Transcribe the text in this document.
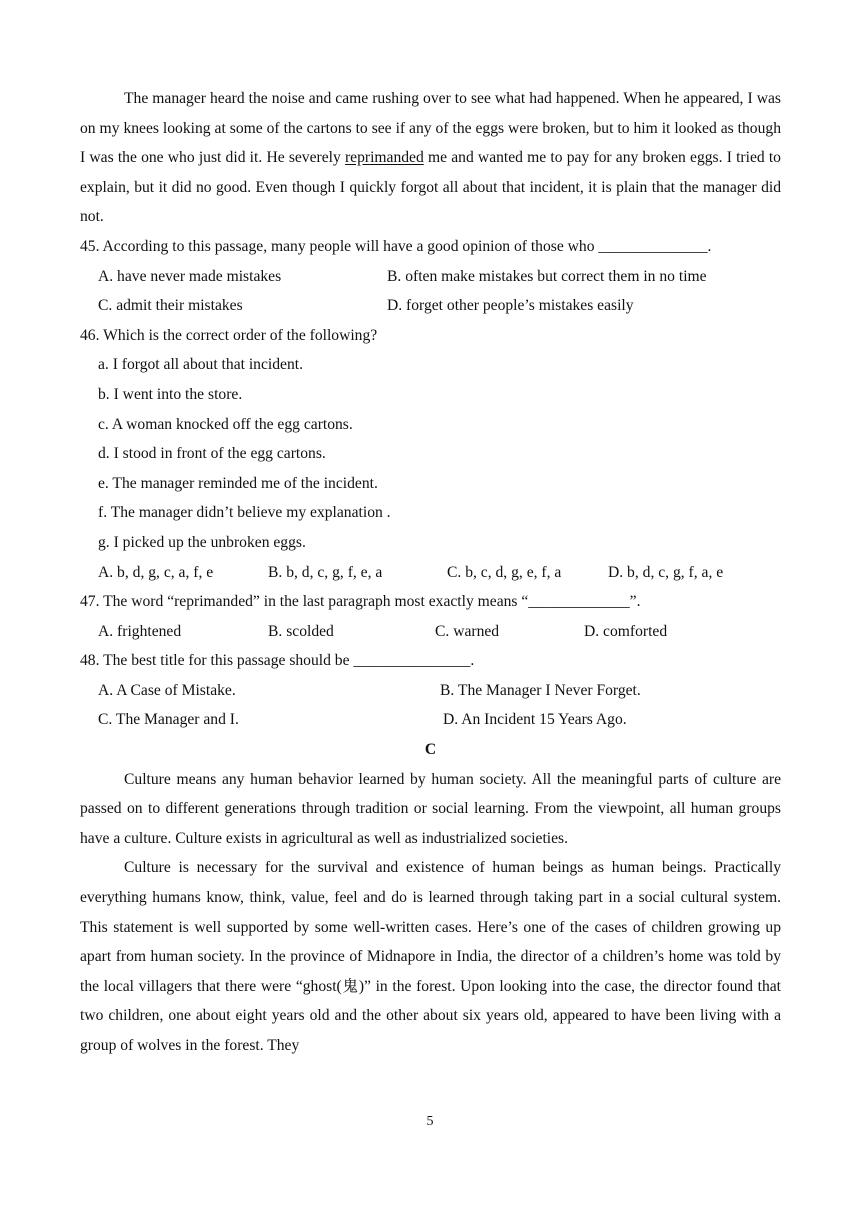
The manager heard the noise and came rushing over to see what had happened. When he appeared, I was on my knees looking at some of the cartons to see if any of the eggs were broken, but to him it looked as though I was the one who just did it. He severely reprimanded me and wanted me to pay for any broken eggs. I tried to explain, but it did no good. Even though I quickly forgot all about that incident, it is plain that the manager did not.

45. According to this passage, many people will have a good opinion of those who ______________.
A. have never made mistakes	B. often make mistakes but correct them in no time
C. admit their mistakes	D. forget other people’s mistakes easily
46. Which is the correct order of the following?
a. I forgot all about that incident.
b. I went into the store.
c. A woman knocked off the egg cartons.
d. I stood in front of the egg cartons.
e. The manager reminded me of the incident.
f. The manager didn’t believe my explanation .
g. I picked up the unbroken eggs.
A. b, d, g, c, a, f, e	B. b, d, c, g, f, e, a	C. b, c, d, g, e, f, a	D. b, d, c, g, f, a, e
47. The word “reprimanded” in the last paragraph most exactly means “_____________”.
A. frightened	B. scolded	C. warned	D. comforted
48. The best title for this passage should be _______________.
A. A Case of Mistake.	B. The Manager I Never Forget.
C. The Manager and I.	D. An Incident 15 Years Ago.
C

Culture means any human behavior learned by human society. All the meaningful parts of culture are passed on to different generations through tradition or social learning. From the viewpoint, all human groups have a culture. Culture exists in agricultural as well as industrialized societies.

Culture is necessary for the survival and existence of human beings as human beings. Practically everything humans know, think, value, feel and do is learned through taking part in a social cultural system. This statement is well supported by some well-written cases. Here’s one of the cases of children growing up apart from human society. In the province of Midnapore in India, the director of a children’s home was told by the local villagers that there were “ghost(鬼)” in the forest. Upon looking into the case, the director found that two children, one about eight years old and the other about six years old, appeared to have been living with a group of wolves in the forest. They

5
